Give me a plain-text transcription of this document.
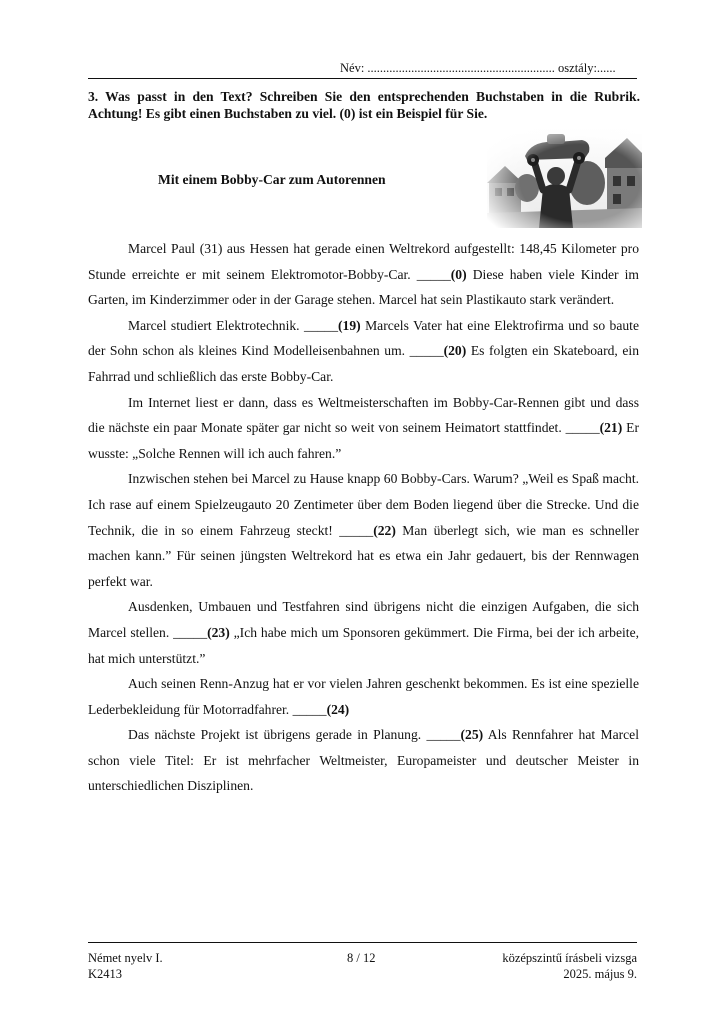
Név: ............................................................ osztály:......
3. Was passt in den Text? Schreiben Sie den entsprechenden Buchstaben in die Rubrik. Achtung! Es gibt einen Buchstaben zu viel. (0) ist ein Beispiel für Sie.
Mit einem Bobby-Car zum Autorennen

Marcel Paul (31) aus Hessen hat gerade einen Weltrekord aufgestellt: 148,45 Kilometer pro Stunde erreichte er mit seinem Elektromotor-Bobby-Car. _____(0) Diese haben viele Kinder im Garten, im Kinderzimmer oder in der Garage stehen. Marcel hat sein Plastikauto stark verändert.

Marcel studiert Elektrotechnik. _____(19) Marcels Vater hat eine Elektrofirma und so baute der Sohn schon als kleines Kind Modelleisenbahnen um. _____(20) Es folgten ein Skateboard, ein Fahrrad und schließlich das erste Bobby-Car.

Im Internet liest er dann, dass es Weltmeisterschaften im Bobby-Car-Rennen gibt und dass die nächste ein paar Monate später gar nicht so weit von seinem Heimatort stattfindet. _____(21) Er wusste: „Solche Rennen will ich auch fahren.”

Inzwischen stehen bei Marcel zu Hause knapp 60 Bobby-Cars. Warum? „Weil es Spaß macht. Ich rase auf einem Spielzeugauto 20 Zentimeter über dem Boden liegend über die Strecke. Und die Technik, die in so einem Fahrzeug steckt! _____(22) Man überlegt sich, wie man es schneller machen kann.” Für seinen jüngsten Weltrekord hat es etwa ein Jahr gedauert, bis der Rennwagen perfekt war.

Ausdenken, Umbauen und Testfahren sind übrigens nicht die einzigen Aufgaben, die sich Marcel stellen. _____(23) „Ich habe mich um Sponsoren gekümmert. Die Firma, bei der ich arbeite, hat mich unterstützt.”

Auch seinen Renn-Anzug hat er vor vielen Jahren geschenkt bekommen. Es ist eine spezielle Lederbekleidung für Motorradfahrer. _____(24)

Das nächste Projekt ist übrigens gerade in Planung. _____(25) Als Rennfahrer hat Marcel schon viele Titel: Er ist mehrfacher Weltmeister, Europameister und deutscher Meister in unterschiedlichen Disziplinen.

Német nyelv I.
K2413
8 / 12	középszintű írásbeli vizsga
2025. május 9.
